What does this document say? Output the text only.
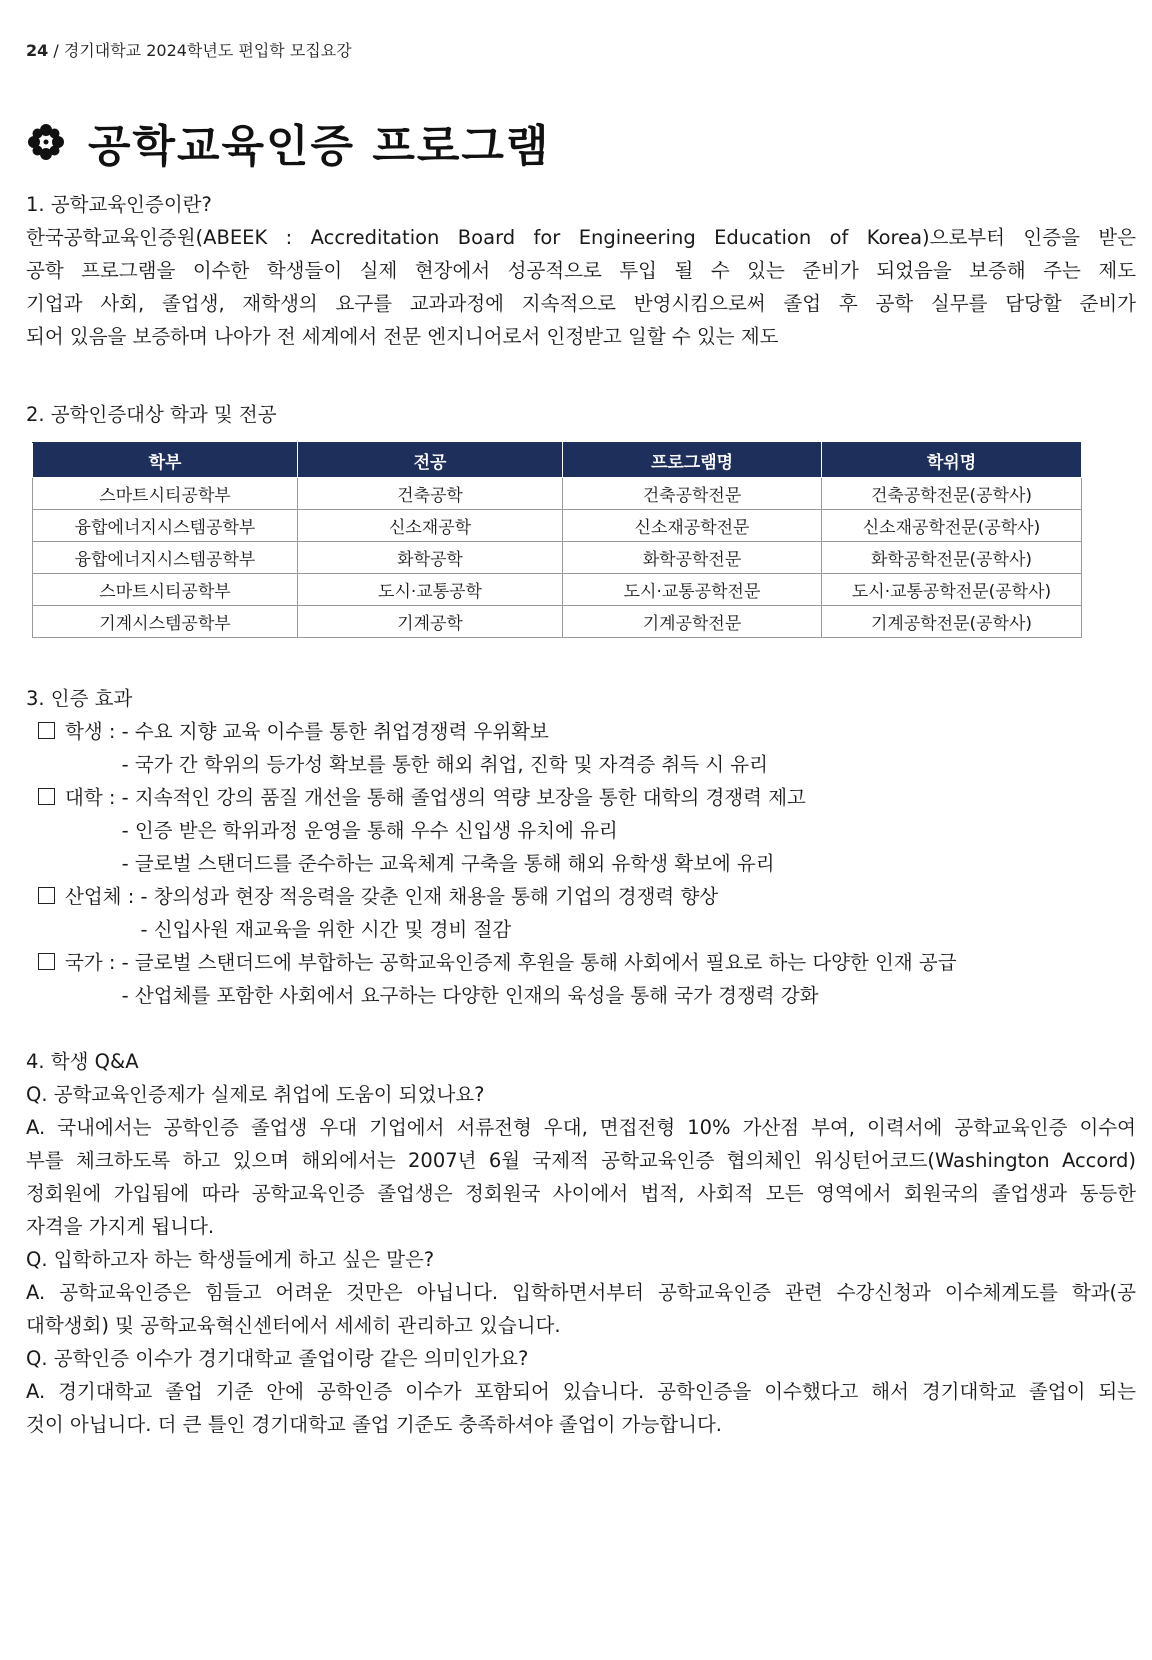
24 / 경기대학교 2024학년도 편입학 모집요강
공학교육인증 프로그램

1. 공학교육인증이란?

한국공학교육인증원(ABEEK : Accreditation Board for Engineering Education of Korea)으로부터 인증을 받은

공학 프로그램을 이수한 학생들이 실제 현장에서 성공적으로 투입 될 수 있는 준비가 되었음을 보증해 주는 제도

기업과 사회, 졸업생, 재학생의 요구를 교과과정에 지속적으로 반영시킴으로써 졸업 후 공학 실무를 담당할 준비가

되어 있음을 보증하며 나아가 전 세계에서 전문 엔지니어로서 인정받고 일할 수 있는 제도

2. 공학인증대상 학과 및 전공

학부	전공	프로그램명	학위명
스마트시티공학부	건축공학	건축공학전문	건축공학전문(공학사)
융합에너지시스템공학부	신소재공학	신소재공학전문	신소재공학전문(공학사)
융합에너지시스템공학부	화학공학	화학공학전문	화학공학전문(공학사)
스마트시티공학부	도시·교통공학	도시·교통공학전문	도시·교통공학전문(공학사)
기계시스템공학부	기계공학	기계공학전문	기계공학전문(공학사)

3. 인증 효과

학생 : - 수요 지향 교육 이수를 통한 취업경쟁력 우위확보
- 국가 간 학위의 등가성 확보를 통한 해외 취업, 진학 및 자격증 취득 시 유리
대학 : - 지속적인 강의 품질 개선을 통해 졸업생의 역량 보장을 통한 대학의 경쟁력 제고
- 인증 받은 학위과정 운영을 통해 우수 신입생 유치에 유리
- 글로벌 스탠더드를 준수하는 교육체계 구축을 통해 해외 유학생 확보에 유리
산업체 : - 창의성과 현장 적응력을 갖춘 인재 채용을 통해 기업의 경쟁력 향상
- 신입사원 재교육을 위한 시간 및 경비 절감
국가 : - 글로벌 스탠더드에 부합하는 공학교육인증제 후원을 통해 사회에서 필요로 하는 다양한 인재 공급
- 산업체를 포함한 사회에서 요구하는 다양한 인재의 육성을 통해 국가 경쟁력 강화

4. 학생 Q&A

Q. 공학교육인증제가 실제로 취업에 도움이 되었나요?

A. 국내에서는 공학인증 졸업생 우대 기업에서 서류전형 우대, 면접전형 10% 가산점 부여, 이력서에 공학교육인증 이수여

부를 체크하도록 하고 있으며 해외에서는 2007년 6월 국제적 공학교육인증 협의체인 워싱턴어코드(Washington Accord)

정회원에 가입됨에 따라 공학교육인증 졸업생은 정회원국 사이에서 법적, 사회적 모든 영역에서 회원국의 졸업생과 동등한

자격을 가지게 됩니다.

Q. 입학하고자 하는 학생들에게 하고 싶은 말은?

A. 공학교육인증은 힘들고 어려운 것만은 아닙니다. 입학하면서부터 공학교육인증 관련 수강신청과 이수체계도를 학과(공

대학생회) 및 공학교육혁신센터에서 세세히 관리하고 있습니다.

Q. 공학인증 이수가 경기대학교 졸업이랑 같은 의미인가요?

A. 경기대학교 졸업 기준 안에 공학인증 이수가 포함되어 있습니다. 공학인증을 이수했다고 해서 경기대학교 졸업이 되는

것이 아닙니다. 더 큰 틀인 경기대학교 졸업 기준도 충족하셔야 졸업이 가능합니다.
